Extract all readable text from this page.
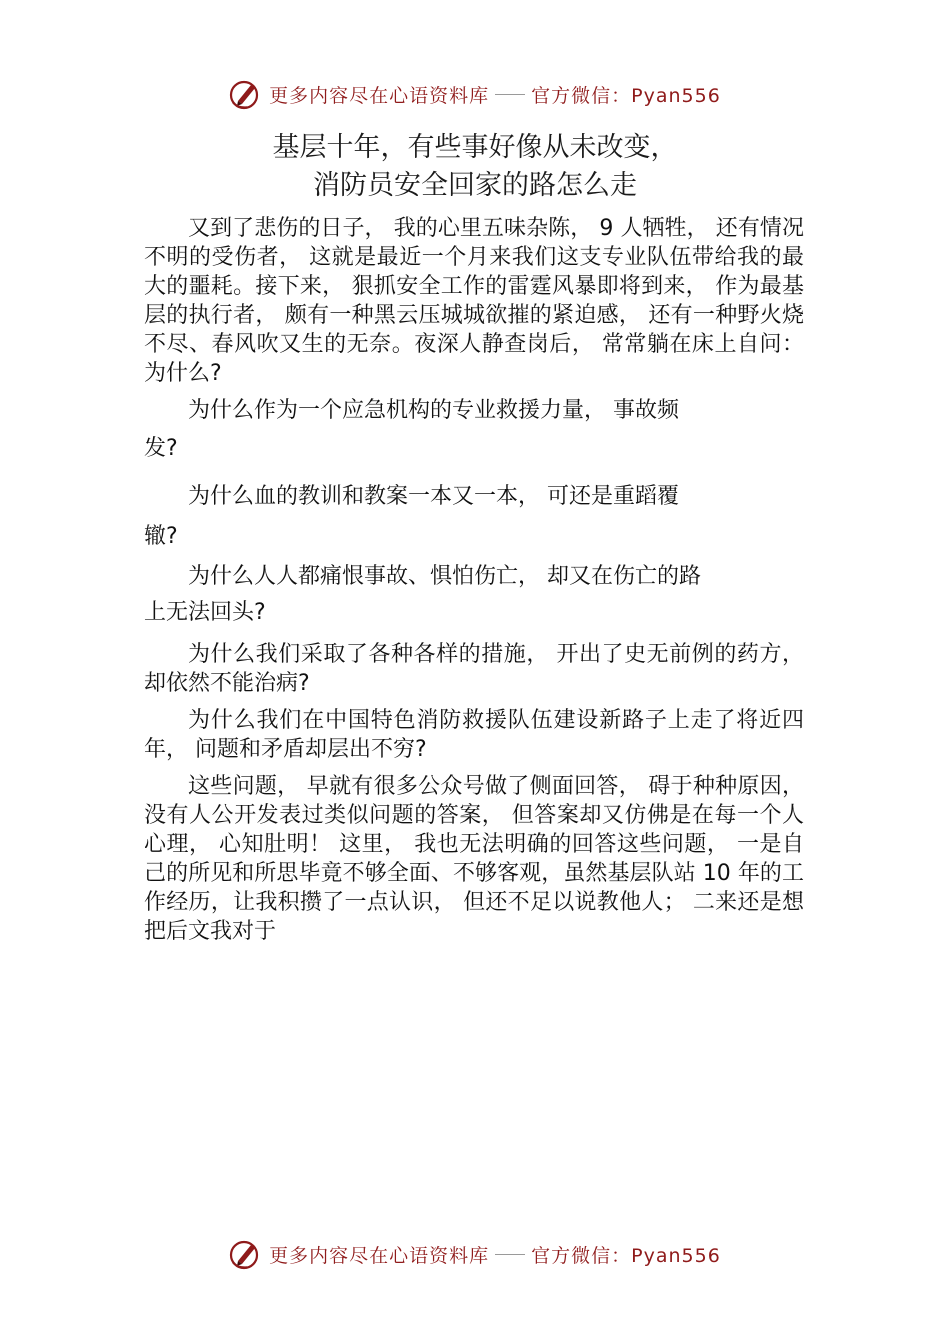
更多内容尽在心语资料库 官方微信：Pyan556
基层十年，有些事好像从未改变，
消防员安全回家的路怎么走

又到了悲伤的日子， 我的心里五味杂陈， 9 人牺牲， 还有情况不明的受伤者， 这就是最近一个月来我们这支专业队伍带给我的最大的噩耗。接下来， 狠抓安全工作的雷霆风暴即将到来， 作为最基层的执行者， 颇有一种黑云压城城欲摧的紧迫感， 还有一种野火烧不尽、春风吹又生的无奈。夜深人静查岗后， 常常躺在床上自问： 为什么?

为什么作为一个应急机构的专业救援力量， 事故频

发?

为什么血的教训和教案一本又一本， 可还是重蹈覆

辙?

为什么人人都痛恨事故、惧怕伤亡， 却又在伤亡的路

上无法回头?

为什么我们采取了各种各样的措施， 开出了史无前例的药方， 却依然不能治病?

为什么我们在中国特色消防救援队伍建设新路子上走了将近四年， 问题和矛盾却层出不穷?

这些问题， 早就有很多公众号做了侧面回答， 碍于种种原因， 没有人公开发表过类似问题的答案， 但答案却又仿佛是在每一个人心理， 心知肚明！ 这里， 我也无法明确的回答这些问题， 一是自己的所见和所思毕竟不够全面、不够客观，虽然基层队站 10 年的工作经历，让我积攒了一点认识， 但还不足以说教他人； 二来还是想把后文我对于

更多内容尽在心语资料库 官方微信：Pyan556
